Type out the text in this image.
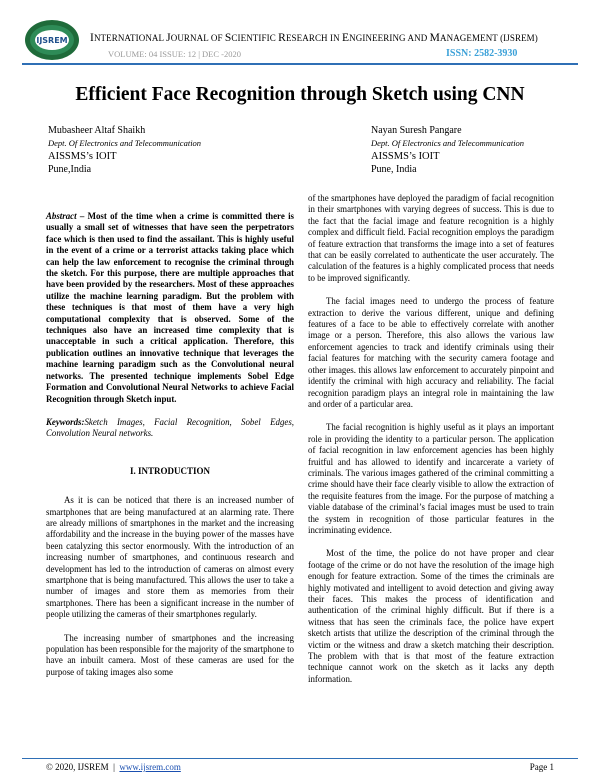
IJSREM INTERNATIONAL JOURNAL OF SCIENTIFIC RESEARCH IN ENGINEERING AND MANAGEMENT (IJSREM)
VOLUME: 04 ISSUE: 12 | DEC -2020	ISSN: 2582-3930
Efficient Face Recognition through Sketch using CNN
Mubasheer Altaf Shaikh
Dept. Of Electronics and Telecommunication
AISSMS’s IOIT
Pune,India
Nayan Suresh Pangare
Dept. Of Electronics and Telecommunication
AISSMS’s IOIT
Pune, India

Abstract – Most of the time when a crime is committed there is usually a small set of witnesses that have seen the perpetrators face which is then used to find the assailant. This is highly useful in the event of a crime or a terrorist attacks taking place which can help the law enforcement to recognise the criminal through the sketch. For this purpose, there are multiple approaches that have been provided by the researchers. Most of these approaches utilize the machine learning paradigm. But the problem with these techniques is that most of them have a very high computational complexity that is observed. Some of the techniques also have an increased time complexity that is unacceptable in such a critical application. Therefore, this publication outlines an innovative technique that leverages the machine learning paradigm such as the Convolutional neural networks. The presented technique implements Sobel Edge Formation and Convolutional Neural Networks to achieve Facial Recognition through Sketch input.

Keywords:Sketch Images, Facial Recognition, Sobel Edges, Convolution Neural networks.

I. INTRODUCTION

As it is can be noticed that there is an increased number of smartphones that are being manufactured at an alarming rate. There are already millions of smartphones in the market and the increasing affordability and the increase in the buying power of the masses have been catalyzing this sector enormously. With the introduction of an increasing number of smartphones, and continuous research and development has led to the introduction of cameras on almost every smartphone that is being manufactured. This allows the user to take a number of images and store them as memories from their smartphones. There has been a significant increase in the number of people utilizing the cameras of their smartphones regularly.

The increasing number of smartphones and the increasing population has been responsible for the majority of the smartphone to have an inbuilt camera. Most of these cameras are used for the purpose of taking images also some

of the smartphones have deployed the paradigm of facial recognition in their smartphones with varying degrees of success. This is due to the fact that the facial image and feature recognition is a highly complex and difficult field. Facial recognition employs the paradigm of feature extraction that transforms the image into a set of features that can be easily correlated to authenticate the user accurately. The calculation of the features is a highly complicated process that needs to be improved significantly.

The facial images need to undergo the process of feature extraction to derive the various different, unique and defining features of a face to be able to effectively correlate with another image or a person. Therefore, this also allows the various law enforcement agencies to track and identify criminals using their facial features for matching with the security camera footage and other images. this allows law enforcement to accurately pinpoint and identify the criminal with high accuracy and reliability. The facial recognition paradigm plays an integral role in maintaining the law and order of a particular area.

The facial recognition is highly useful as it plays an important role in providing the identity to a particular person. The application of facial recognition in law enforcement agencies has been highly fruitful and has allowed to identify and incarcerate a variety of criminals. The various images gathered of the criminal committing a crime should have their face clearly visible to allow the extraction of the requisite features from the image. For the purpose of matching a viable database of the criminal’s facial images must be used to train the system in recognition of those particular features in the incriminating evidence.

Most of the time, the police do not have proper and clear footage of the crime or do not have the resolution of the image high enough for feature extraction. Some of the times the criminals are highly motivated and intelligent to avoid detection and giving away their faces. This makes the process of identification and authentication of the criminal highly difficult. But if there is a witness that has seen the criminals face, the police have expert sketch artists that utilize the description of the criminal through the victim or the witness and draw a sketch matching their description. The problem with that is that most of the feature extraction technique cannot work on the sketch as it lacks any depth information.

© 2020, IJSREM  |  www.ijsrem.com	Page 1
